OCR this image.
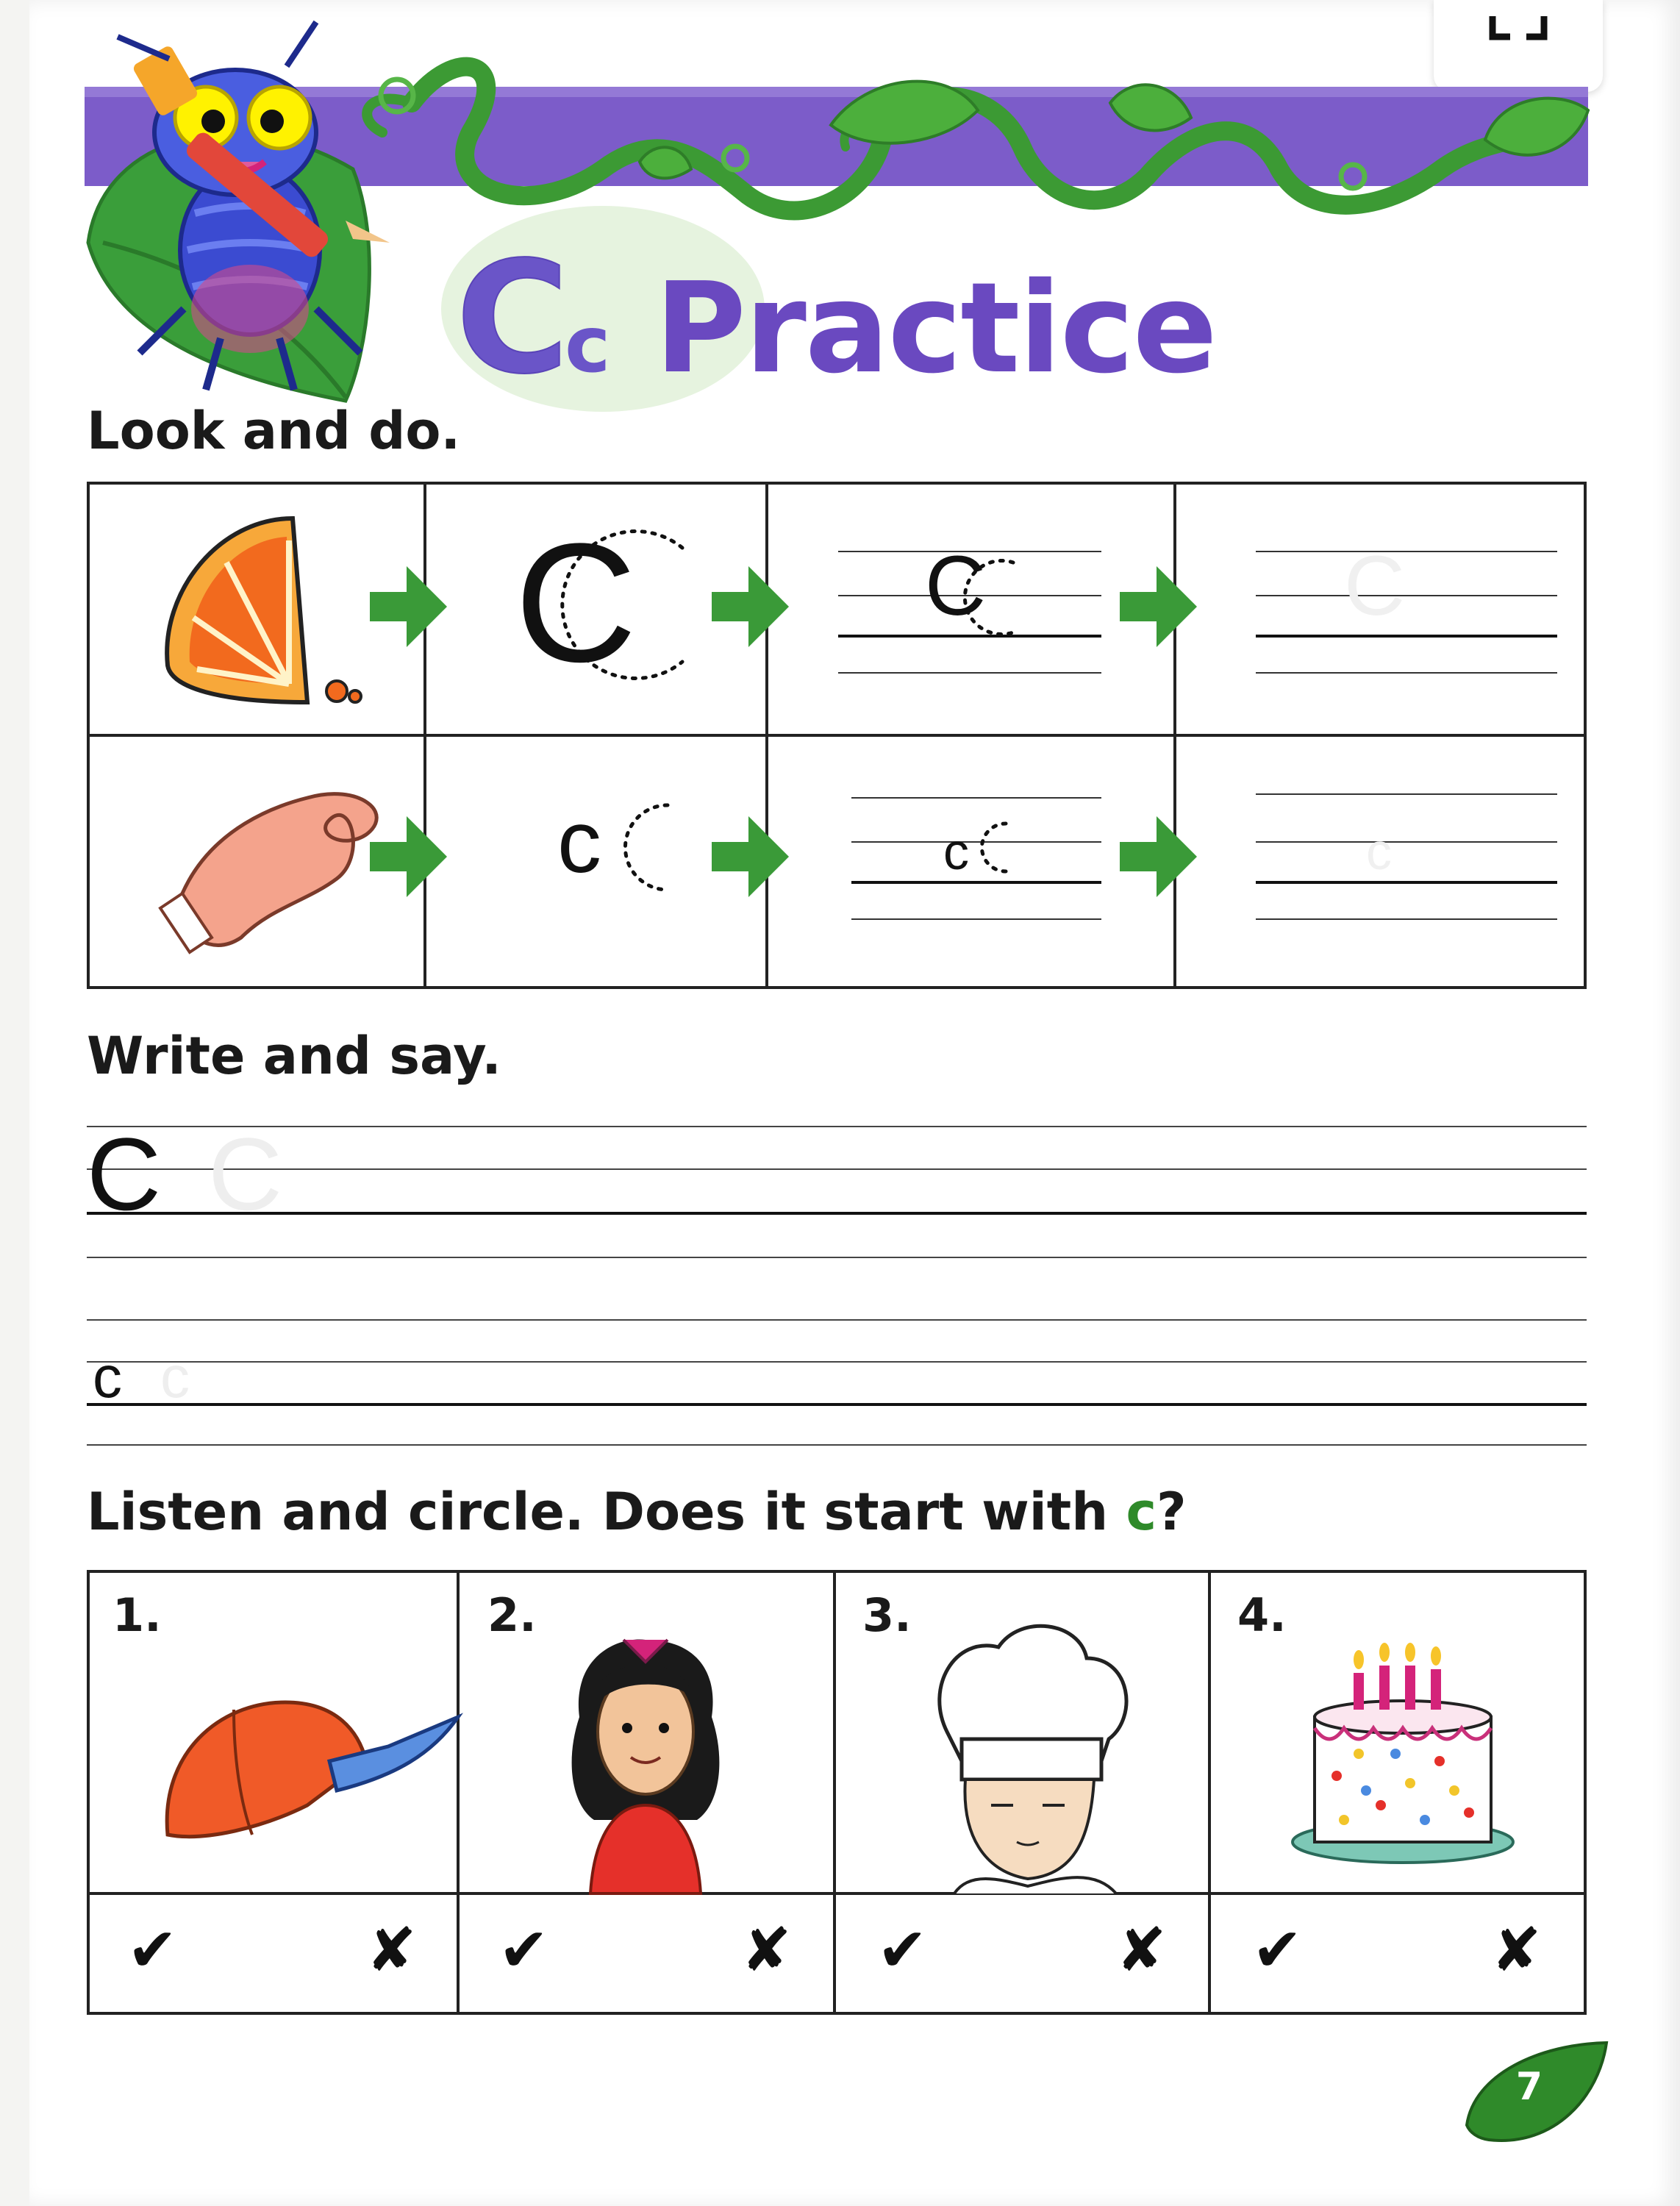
C c Practice
Look and do.
C	C	C
c	c	c
Write and say.
C C
c c
Listen and circle. Does it start with c?
1.	2.	3.	4.
✔	✘ ✔	✘ ✔	✘ ✔	✘
7
